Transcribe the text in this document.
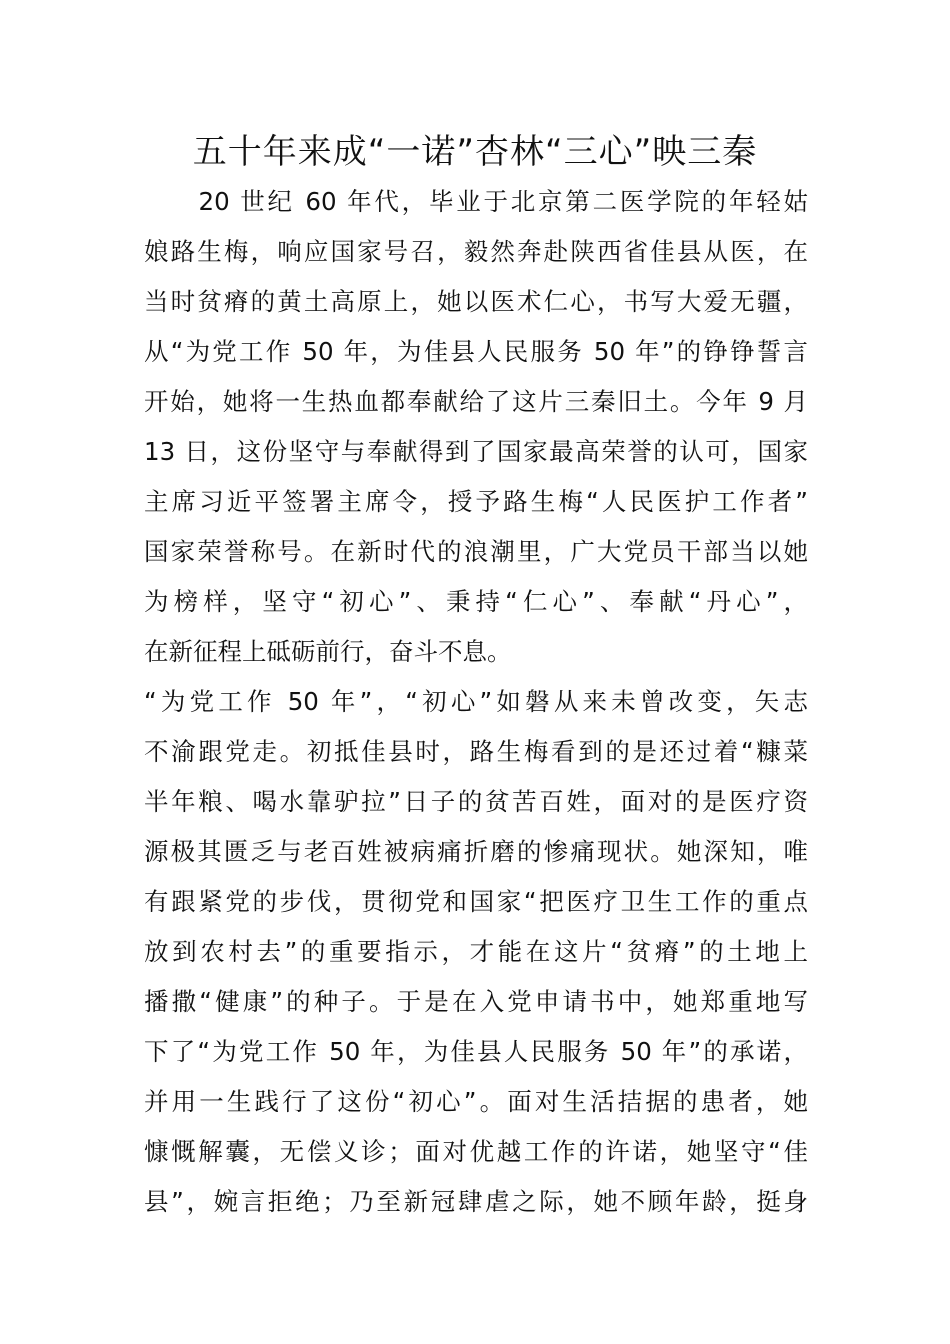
五十年来成“一诺”杏林“三心”映三秦
　　20 世纪 60 年代，毕业于北京第二医学院的年轻姑
娘路生梅，响应国家号召，毅然奔赴陕西省佳县从医，在
当时贫瘠的黄土高原上，她以医术仁心，书写大爱无疆，
从“为党工作 50 年，为佳县人民服务 50 年”的铮铮誓言
开始，她将一生热血都奉献给了这片三秦旧土。今年 9 月
13 日，这份坚守与奉献得到了国家最高荣誉的认可，国家
主席习近平签署主席令，授予路生梅“人民医护工作者”
国家荣誉称号。在新时代的浪潮里，广大党员干部当以她
为榜样，坚守“初心”、秉持“仁心”、奉献“丹心”，
在新征程上砥砺前行，奋斗不息。
“为党工作 50 年”，“初心”如磐从来未曾改变，矢志
不渝跟党走。初抵佳县时，路生梅看到的是还过着“糠菜
半年粮、喝水靠驴拉”日子的贫苦百姓，面对的是医疗资
源极其匮乏与老百姓被病痛折磨的惨痛现状。她深知，唯
有跟紧党的步伐，贯彻党和国家“把医疗卫生工作的重点
放到农村去”的重要指示，才能在这片“贫瘠”的土地上
播撒“健康”的种子。于是在入党申请书中，她郑重地写
下了“为党工作 50 年，为佳县人民服务 50 年”的承诺，
并用一生践行了这份“初心”。面对生活拮据的患者，她
慷慨解囊，无偿义诊；面对优越工作的许诺，她坚守“佳
县”，婉言拒绝；乃至新冠肆虐之际，她不顾年龄，挺身
